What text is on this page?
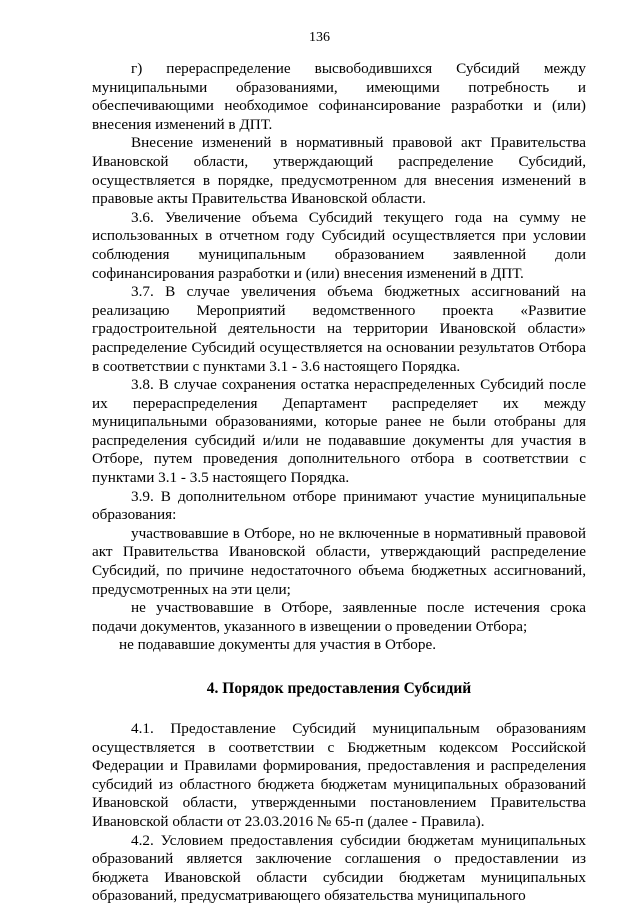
136

г) перераспределение высвободившихся Субсидий между муниципальными образованиями, имеющими потребность и обеспечивающими необходимое софинансирование разработки и (или) внесения изменений в ДПТ.

Внесение изменений в нормативный правовой акт Правительства Ивановской области, утверждающий распределение Субсидий, осуществляется в порядке, предусмотренном для внесения изменений в правовые акты Правительства Ивановской области.

3.6. Увеличение объема Субсидий текущего года на сумму не использованных в отчетном году Субсидий осуществляется при условии соблюдения муниципальным образованием заявленной доли софинансирования разработки и (или) внесения изменений в ДПТ.

3.7. В случае увеличения объема бюджетных ассигнований на реализацию Мероприятий ведомственного проекта «Развитие градостроительной деятельности на территории Ивановской области» распределение Субсидий осуществляется на основании результатов Отбора в соответствии с пунктами 3.1 - 3.6 настоящего Порядка.

3.8. В случае сохранения остатка нераспределенных Субсидий после их перераспределения Департамент распределяет их между муниципальными образованиями, которые ранее не были отобраны для распределения субсидий и/или не подававшие документы для участия в Отборе, путем проведения дополнительного отбора в соответствии с пунктами 3.1 - 3.5 настоящего Порядка.

3.9. В дополнительном отборе принимают участие муниципальные образования:

участвовавшие в Отборе, но не включенные в нормативный правовой акт Правительства Ивановской области, утверждающий распределение Субсидий, по причине недостаточного объема бюджетных ассигнований, предусмотренных на эти цели;

не участвовавшие в Отборе, заявленные после истечения срока подачи документов, указанного в извещении о проведении Отбора;

не подававшие документы для участия в Отборе.

4. Порядок предоставления Субсидий

4.1. Предоставление Субсидий муниципальным образованиям осуществляется в соответствии с Бюджетным кодексом Российской Федерации и Правилами формирования, предоставления и распределения субсидий из областного бюджета бюджетам муниципальных образований Ивановской области, утвержденными постановлением Правительства Ивановской области от 23.03.2016 № 65-п (далее - Правила).

4.2. Условием предоставления субсидии бюджетам муниципальных образований является заключение соглашения о предоставлении из бюджета Ивановской области субсидии бюджетам муниципальных образований, предусматривающего обязательства муниципального
